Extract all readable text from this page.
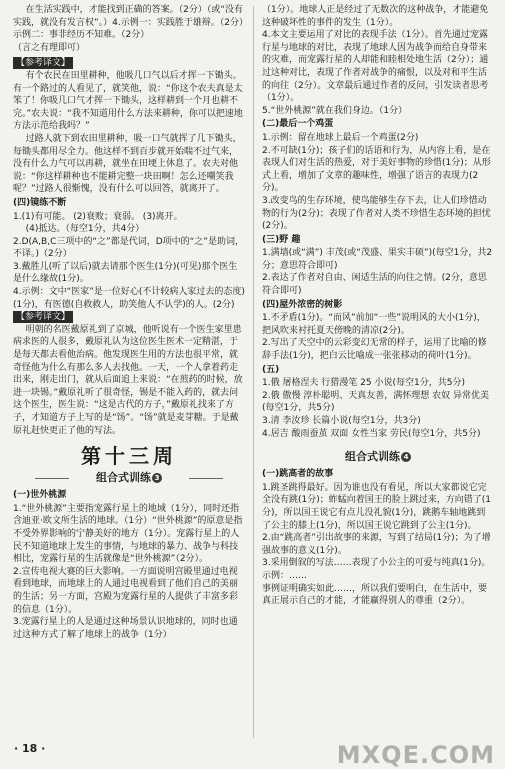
在生活实践中，才能找到正确的答案。（2分）（或“没有实践，就没有发言权”。）4.示例一：实践胜于雄辩。（2分）示例二：事非经历不知难。（2分）

（言之有理即可）

【参考译文】

有个农民在田里耕种，他吸几口气以后才挥一下锄头。有一个路过的人看见了，就笑他，说：“你这个农夫真是太笨了！你吸几口气才挥一下锄头，这样耕到一个月也耕不完。”农夫说：“我不知道用什么方法来耕种，你可以把速地方法示范给我吗？”

过路人就下到农田里耕种，吸一口气就挥了几下锄头，每锄头都用尽全力。他这样不到百步就开始喘不过气来，没有什么力气可以再耕，就坐在田埂上休息了。农夫对他说：“你这样耕种也不能耕完整一块田啊！怎么还嘲笑我呢？”过路人很惭愧，没有什么可以回答，就离开了。

(四)镜练不断

1.(1)有可能。 (2)衰败；衰弱。 (3)离开。

(4)抵达。（每空1分，共4分）

2.D(A,B,C三项中的“之”都是代词，D项中的“之”是助词，不译。)（2分）

3.戴胜儿(听了以后)就去请那个医生(1分)(可见)那个医生是什么缘故(1分)。

4.示例：文中“医家”是一位好心(不计较病人家过去的态度)(1分)，有医德(自救救人，助笑他人不认学)的人。(2分)

【参考译文】

明朝的名医戴原礼到了京城，他听说有一个医生家里患病求医的人很多，戴原礼认为这位医生医术一定精湛，于是每天都去看他治病。他发现医生用的方法也很平常，就奇怪他为什么有那么多人去找他。一天，一个人拿着药走出来，刚走出门，就从后面追上来说：“在煎药的时候，放进一块锡。”戴原礼听了很奇怪，锡是不能入药的，就去问这个医生，医生说：“这是古代的方子，”戴原礼找来了方子，才知道方子上写的是“饧”。“饧”就是麦芽糖。于是戴原礼赶快更正了他的写法。

第十三周
组合式训练 3

(一)世外桃源

1.“世外桃源”主要指宠露行星上的地域（1分），同时还指含迪亚·欧文所生活的地球。（1分）“世外桃源”的原意是指不受外界影响的宁静美好的地方（1分）。宠露行星上的人民不知道地球上发生的事情，与地球的暴力、战争与科技相比，宠露行星的生活就像是“世外桃源”（2分）。

2.宣传电视大赛的巨大影响。一方面说明宫殿里通过电视看到地球，而地球上的人通过电视看到了他们自己的美丽的生活；另一方面，宫殿为宠露行星的人提供了丰富多彩的信息（1分）。

3.宠露行星上的人是通过这种场景认识地球的，同时也通过这种方式了解了地球上的战争（1分）

（1分）。地球人正是经过了无数次的这种战争，才能避免这种破坏性的事件的发生（1分）。

4.本文主要运用了对比的表现手法（1分）。首先通过宠露行星与地球的对比，表现了地球人因为战争而给自身带来的灾难，而宠露行星的人却能和睦相处地生活（2分）；通过这种对比，表现了作者对战争的痛恨，以及对和平生活的向往（2分）。文章最后通过作者的反问，引发读者思考（1分）。

5.“世外桃源”就在我们身边。（1分）

(二)最后一个鸡蛋

1.示例：留在地球上最后一个鸡蛋(2分)

2.不可缺(1分)；孩子们的话语和行为，从内容上看，是在表现人们对生活的热爱，对于美好事物的珍惜(1分)；从形式上看，增加了文章的趣味性，增强了语言的表现力(2分)。

3.改变鸟的生存环境，使鸟能够生存下去，让人们珍惜动物的行为(2分)；表现了作者对人类不珍惜生态环境的担忧(2分)。

(三)野 趣

1.满墙(或“满”) 丰茂(或“茂盛、果实丰硕”)(每空1分，共2分；意思符合即可)

2.表达了作者对自由、闲适生活的向往之情。(2分，意思符合即可)

(四)屋外浓密的树影

1.不矛盾(1分)。“而风”前加“一些”说明风的大小(1分)，把风吹来衬托夏天傍晚的清凉(2分)。

2.写出了天空中的云彩变幻无常的样子，运用了比喻的修辞手法(1分)，把白云比喻成一张张移动的荷叶(1分)。

(五)

1.俄 屠格涅夫 行猎漫笔 25 小说(每空1分，共5分)

2.俄 傲慢 淳朴聪明、天真友善，满怀理想 农奴 异常优美(每空1分，共5分)

3.清 李汝珍 长篇小说(每空1分，共3分)

4.居吉 酸雨蚕茧 双面 女性当家 劳民(每空1分，共5分)

组合式训练 4

(一)跳高者的故事

1.跳圣跳得最好。因为谁也没有看见，所以大家都说它完全没有跳(1分)；蚱蜢向着国王的脸上跳过来，方向错了(1分)，所以国王说它有点儿没礼貌(1分)，跳鹅车轴地跳到了公主的膝上(1分)，所以国王说它跳到了公主(1分)。

2.由“跳高者”引出故事的来源，写到了结局(1分)；为了增强故事的意义(1分)。

3.采用倒叙的写法……表现了小公主的可爱与纯真(1分)。

示例：……

事例证明确实如此……，所以我们要明白，在生活中，要真正展示自己的才能，才能赢得别人的尊重（2分）。

· 18 ·	MXQE.COM
